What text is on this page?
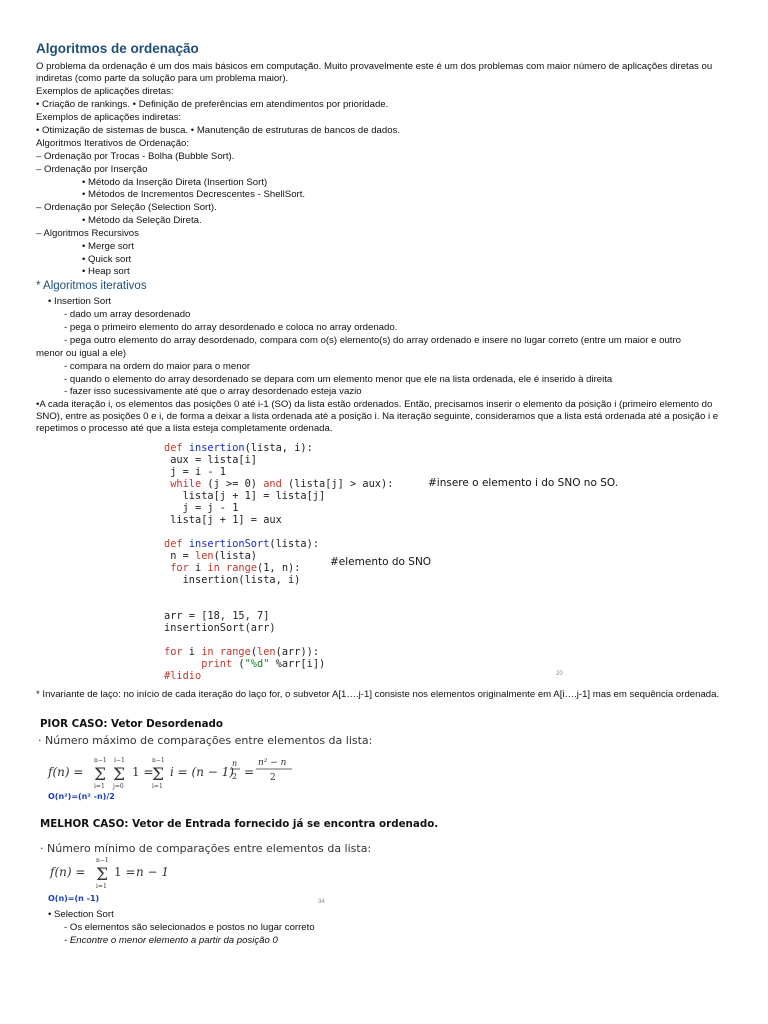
Algoritmos de ordenação
O problema da ordenação é um dos mais básicos em computação. Muito provavelmente este é um dos problemas com maior número de aplicações diretas ou indiretas (como parte da solução para um problema maior).
Exemplos de aplicações diretas:
• Criação de rankings. • Definição de preferências em atendimentos por prioridade.
Exemplos de aplicações indiretas:
• Otimização de sistemas de busca. • Manutenção de estruturas de bancos de dados.
Algoritmos Iterativos de Ordenação:
– Ordenação por Trocas - Bolha (Bubble Sort).
– Ordenação por Inserção
• Método da Inserção Direta (Insertion Sort)
• Métodos de Incrementos Decrescentes - ShellSort.
– Ordenação por Seleção (Selection Sort).
• Método da Seleção Direta.
– Algoritmos Recursivos
• Merge sort
• Quick sort
• Heap sort
* Algoritmos iterativos
• Insertion Sort
- dado um array desordenado
- pega o primeiro elemento do array desordenado e coloca no array ordenado.
- pega outro elemento do array desordenado, compara com o(s) elemento(s) do array ordenado e insere no lugar correto (entre um maior e outro
menor ou igual a ele)
- compara na ordem do maior para o menor
- quando o elemento do array desordenado se depara com um elemento menor que ele na lista ordenada, ele é inserido à direita
- fazer isso sucessivamente até que o array desordenado esteja vazio
•A cada iteração i, os elementos das posições 0 até i-1 (SO) da lista estão ordenados. Então, precisamos inserir o elemento da posição i (primeiro elemento do SNO), entre as posições 0 e i, de forma a deixar a lista ordenada até a posição i. Na iteração seguinte, consideramos que a lista está ordenada até a posição i e repetimos o processo até que a lista esteja completamente ordenada.
def insertion(lista, i):
aux = lista[i]
j = i - 1
while (j >= 0) and (lista[j] > aux):
lista[j + 1] = lista[j]
j = j - 1
lista[j + 1] = aux

def insertionSort(lista):
n = len(lista)
for i in range(1, n):
insertion(lista, i)

arr = [18, 15, 7]
insertionSort(arr)

for i in range(len(arr)):
print ("%d" %arr[i])
#lidio
#insere o elemento i do SNO no SO.
#elemento do SNO
20
* Invariante de laço: no início de cada iteração do laço for, o subvetor A[1….j-1] consiste nos elementos originalmente em A[i….j-1] mas em sequência ordenada.
PIOR CASO: Vetor Desordenado
· Número máximo de comparações entre elementos da lista:
f(n) =
n−1
Σ
i=1
i−1
Σ
j=0
1 =
n−1
Σ
i=1
i = (n − 1)
n
2 =
n² − n
2
O(n²)=(n² -n)/2
MELHOR CASO: Vetor de Entrada fornecido já se encontra ordenado.
· Número mínimo de comparações entre elementos da lista:
f(n) =
n−1
Σ
i=1
1 = n − 1
O(n)=(n -1)	34
• Selection Sort
- Os elementos são selecionados e postos no lugar correto
- Encontre o menor elemento a partir da posição 0
